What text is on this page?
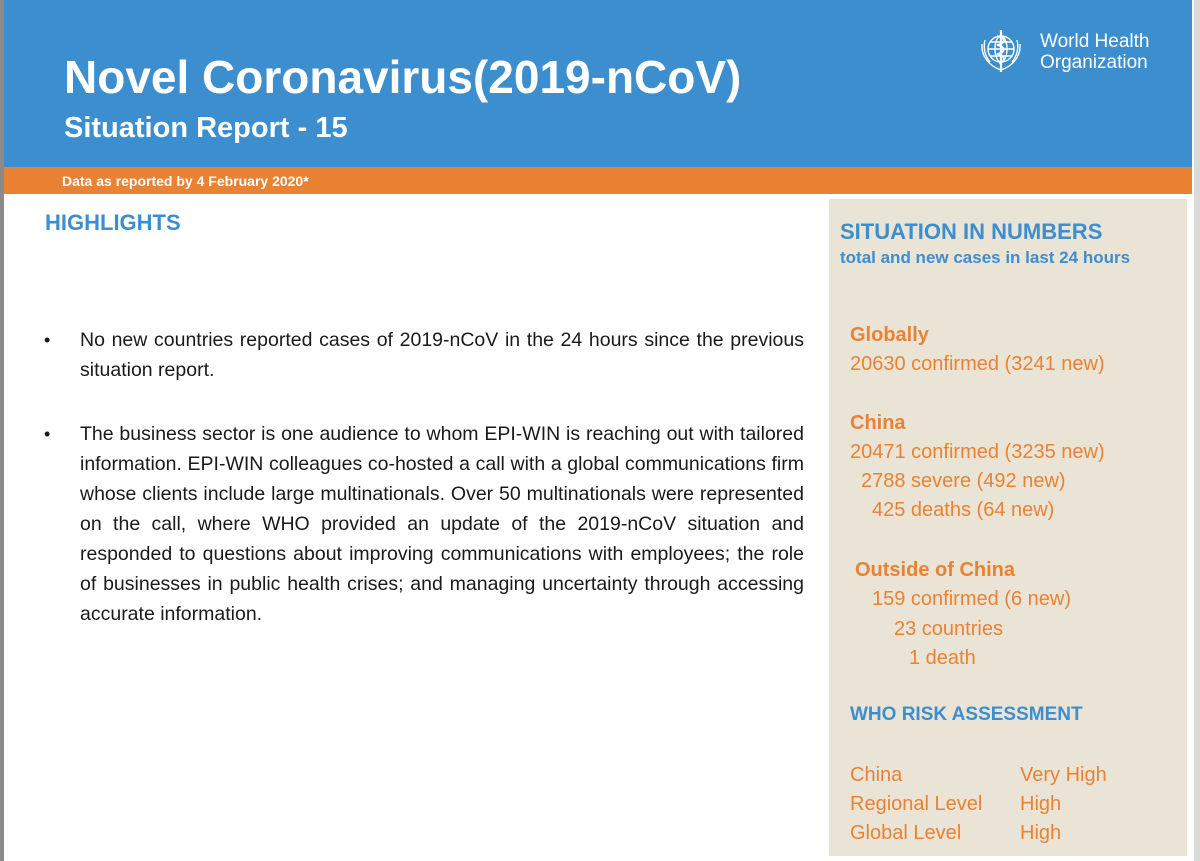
Novel Coronavirus(2019-nCoV)
Situation Report - 15
World Health
Organization
Data as reported by 4 February 2020*
HIGHLIGHTS
• No new countries reported cases of 2019-nCoV in the 24 hours since the previous situation report.

• The business sector is one audience to whom EPI-WIN is reaching out with tailored information. EPI-WIN colleagues co-hosted a call with a global communications firm whose clients include large multinationals. Over 50 multinationals were represented on the call, where WHO provided an update of the 2019-nCoV situation and responded to questions about improving communications with employees; the role of businesses in public health crises; and managing uncertainty through accessing accurate information.

SITUATION IN NUMBERS

total and new cases in last 24 hours

Globally
20630 confirmed (3241 new)
China
20471 confirmed (3235 new)
2788 severe (492 new)
425 deaths (64 new)
Outside of China
159 confirmed (6 new)
23 countries
1 death
WHO RISK ASSESSMENT
China	Very High
Regional Level High
Global Level	High
